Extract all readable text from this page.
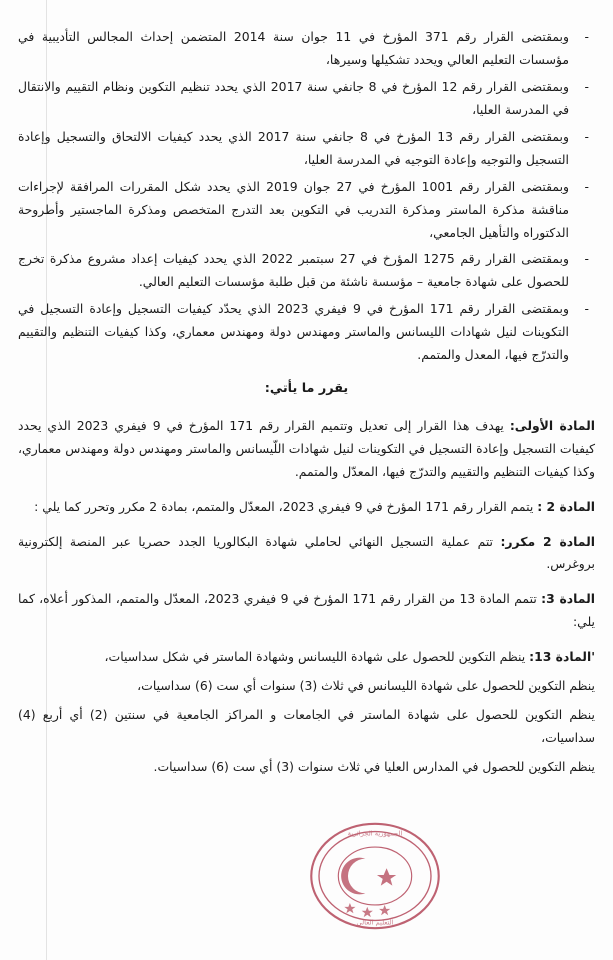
-
وبمقتضى القرار رقم 371 المؤرخ في 11 جوان سنة 2014 المتضمن إحداث المجالس التأديبية في مؤسسات التعليم العالي ويحدد تشكيلها وسيرها،
-
وبمقتضى القرار رقم 12 المؤرخ في 8 جانفي سنة 2017 الذي يحدد تنظيم التكوين ونظام التقييم والانتقال في المدرسة العليا،
-
وبمقتضى القرار رقم 13 المؤرخ في 8 جانفي سنة 2017 الذي يحدد كيفيات الالتحاق والتسجيل وإعادة التسجيل والتوجيه وإعادة التوجيه في المدرسة العليا،
-
وبمقتضى القرار رقم 1001 المؤرخ في 27 جوان 2019 الذي يحدد شكل المقررات المرافقة لإجراءات مناقشة مذكرة الماستر ومذكرة التدريب في التكوين بعد التدرج المتخصص ومذكرة الماجستير وأطروحة الدكتوراه والتأهيل الجامعي،
-
وبمقتضى القرار رقم 1275 المؤرخ في 27 سبتمبر 2022 الذي يحدد كيفيات إعداد مشروع مذكرة تخرج للحصول على شهادة جامعية – مؤسسة ناشئة من قبل طلبة مؤسسات التعليم العالي.
-
وبمقتضى القرار رقم 171 المؤرخ في 9 فيفري 2023 الذي يحدّد كيفيات التسجيل وإعادة التسجيل في التكوينات لنيل شهادات الليسانس والماستر ومهندس دولة ومهندس معماري، وكذا كيفيات التنظيم والتقييم والتدرّج فيها، المعدل والمتمم.
يقرر ما يأتي:
المادة الأولى: يهدف هذا القرار إلى تعديل وتتميم القرار رقم 171 المؤرخ في 9 فيفري 2023 الذي يحدد كيفيات التسجيل وإعادة التسجيل في التكوينات لنيل شهادات اللّيسانس والماستر ومهندس دولة ومهندس معماري، وكذا كيفيات التنظيم والتقييم والتدرّج فيها، المعدّل والمتمم.
المادة 2 : يتمم القرار رقم 171 المؤرخ في 9 فيفري 2023، المعدّل والمتمم، بمادة 2 مكرر وتحرر كما يلي :
المادة 2 مكرر: تتم عملية التسجيل النهائي لحاملي شهادة البكالوريا الجدد حصريا عبر المنصة إلكترونية بروغرس.
المادة 3: تتمم المادة 13 من القرار رقم 171 المؤرخ في 9 فيفري 2023، المعدّل والمتمم، المذكور أعلاه، كما يلي:
'المادة 13: ينظم التكوين للحصول على شهادة الليسانس وشهادة الماستر في شكل سداسيات،
ينظم التكوين للحصول على شهادة الليسانس في ثلاث (3) سنوات أي ست (6) سداسيات،
ينظم التكوين للحصول على شهادة الماستر في الجامعات و المراكز الجامعية في سنتين (2) أي أربع (4) سداسيات،
ينظم التكوين للحصول في المدارس العليا في ثلاث سنوات (3) أي ست (6) سداسيات.
الجمهورية الجزائرية
التعليم العالي
